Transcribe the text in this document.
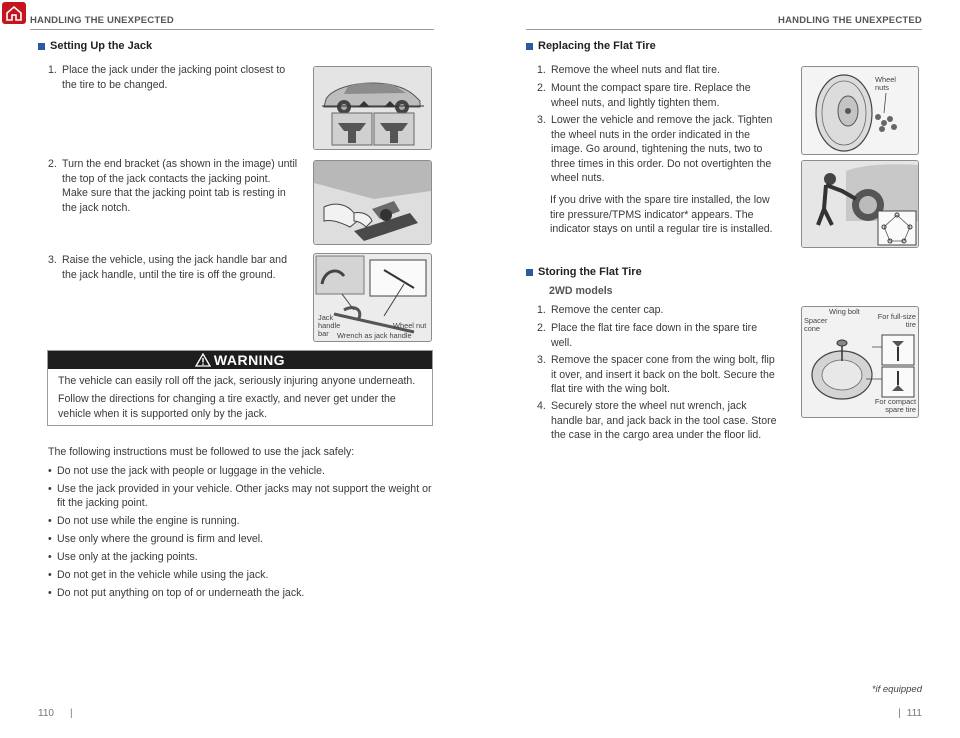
HANDLING THE UNEXPECTED	HANDLING THE UNEXPECTED
Setting Up the Jack
1. Place the jack under the jacking point closest to the tire to be changed.
2. Turn the end bracket (as shown in the image) until the top of the jack contacts the jacking point. Make sure that the jacking point tab is resting in the jack notch.
3. Raise the vehicle, using the jack handle bar and the jack handle, until the tire is off the ground.
Jack handle bar
Wheel nut
Wrench as jack handle
WARNING
The vehicle can easily roll off the jack, seriously injuring anyone underneath.
Follow the directions for changing a tire exactly, and never get under the vehicle when it is supported only by the jack.
The following instructions must be followed to use the jack safely:
• Do not use the jack with people or luggage in the vehicle.
• Use the jack provided in your vehicle. Other jacks may not support the weight or fit the jacking point.
• Do not use while the engine is running.
• Use only where the ground is firm and level.
• Use only at the jacking points.
• Do not get in the vehicle while using the jack.
• Do not put anything on top of or underneath the jack.
110 |
Replacing the Flat Tire
1. Remove the wheel nuts and flat tire.
2. Mount the compact spare tire. Replace the wheel nuts, and lightly tighten them.
3. Lower the vehicle and remove the jack. Tighten the wheel nuts in the order indicated in the image. Go around, tightening the nuts, two to three times in this order. Do not overtighten the wheel nuts.
If you drive with the spare tire installed, the low tire pressure/TPMS indicator* appears. The indicator stays on until a regular tire is installed.
Wheel nuts
Storing the Flat Tire
2WD models
1. Remove the center cap.
2. Place the flat tire face down in the spare tire well.
3. Remove the spacer cone from the wing bolt, flip it over, and insert it back on the bolt. Secure the flat tire with the wing bolt.
4. Securely store the wheel nut wrench, jack handle bar, and jack back in the tool case. Store the case in the cargo area under the floor lid.
Wing bolt
Spacer cone
For full-size tire
For compact spare tire
*if equipped
| 111
